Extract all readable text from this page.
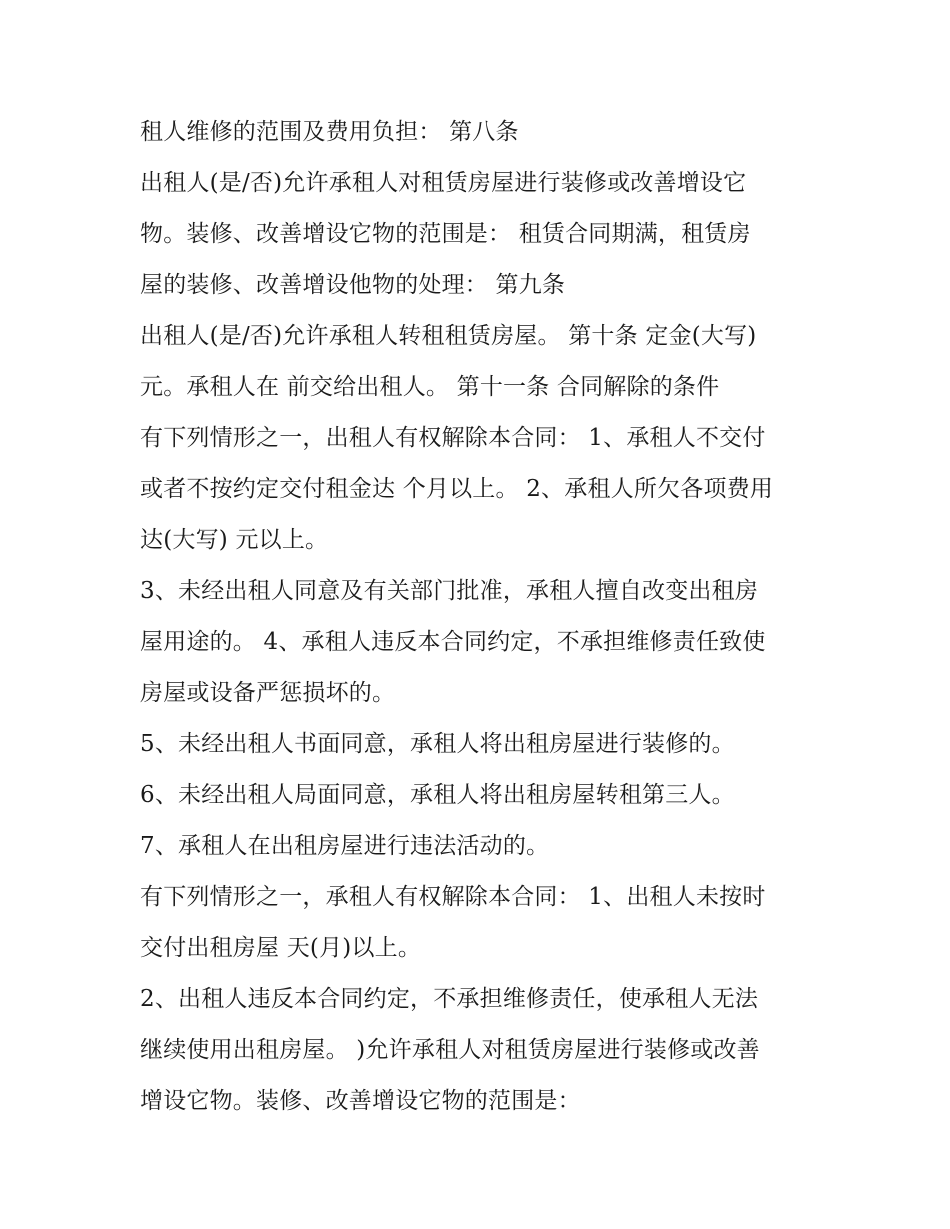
租人维修的范围及费用负担： 第八条
出租人(是/否)允许承租人对租赁房屋进行装修或改善增设它
物。装修、改善增设它物的范围是： 租赁合同期满，租赁房
屋的装修、改善增设他物的处理： 第九条
出租人(是/否)允许承租人转租租赁房屋。 第十条 定金(大写)
元。承租人在 前交给出租人。 第十一条 合同解除的条件
有下列情形之一，出租人有权解除本合同： 1、承租人不交付
或者不按约定交付租金达 个月以上。 2、承租人所欠各项费用
达(大写) 元以上。
3、未经出租人同意及有关部门批准，承租人擅自改变出租房
屋用途的。 4、承租人违反本合同约定，不承担维修责任致使
房屋或设备严惩损坏的。
5、未经出租人书面同意，承租人将出租房屋进行装修的。
6、未经出租人局面同意，承租人将出租房屋转租第三人。
7、承租人在出租房屋进行违法活动的。
有下列情形之一，承租人有权解除本合同： 1、出租人未按时
交付出租房屋 天(月)以上。
2、出租人违反本合同约定，不承担维修责任，使承租人无法
继续使用出租房屋。 )允许承租人对租赁房屋进行装修或改善
增设它物。装修、改善增设它物的范围是：
